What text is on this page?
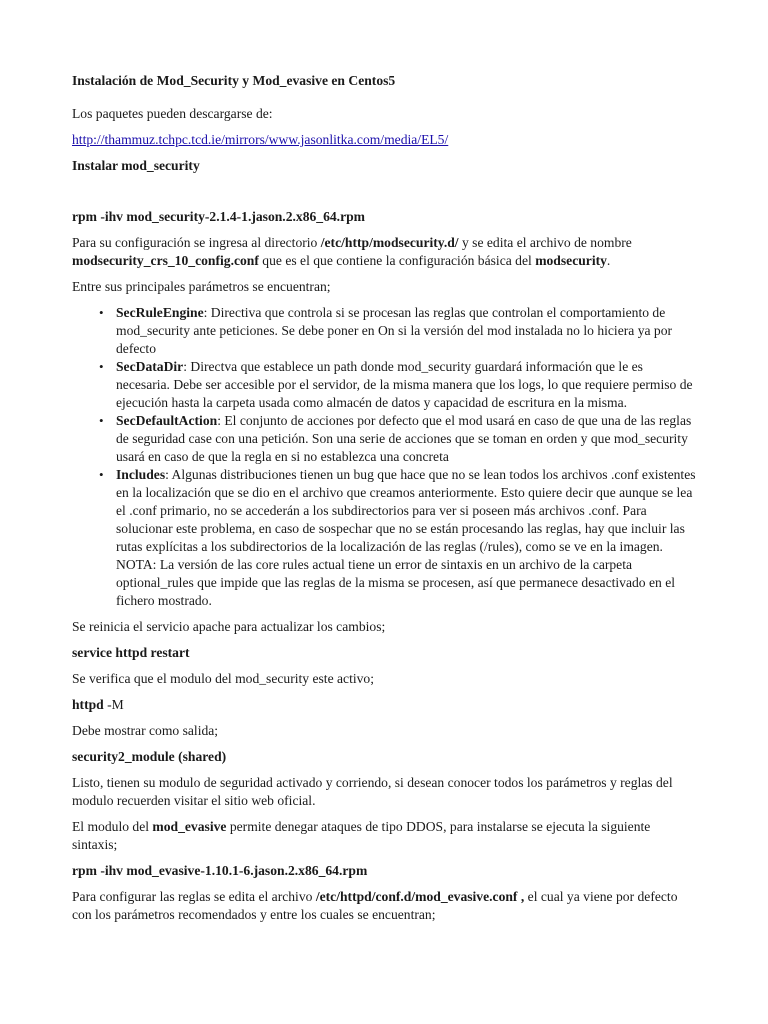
Instalación de Mod_Security y Mod_evasive en Centos5

Los paquetes pueden descargarse de:

http://thammuz.tchpc.tcd.ie/mirrors/www.jasonlitka.com/media/EL5/

Instalar mod_security

rpm -ihv mod_security-2.1.4-1.jason.2.x86_64.rpm

Para su configuración se ingresa al directorio /etc/http/modsecurity.d/ y se edita el archivo de nombre modsecurity_crs_10_config.conf que es el que contiene la configuración básica del modsecurity.

Entre sus principales parámetros se encuentran;

• SecRuleEngine: Directiva que controla si se procesan las reglas que controlan el comportamiento de mod_security ante peticiones. Se debe poner en On si la versión del mod instalada no lo hiciera ya por defecto
• SecDataDir: Directva que establece un path donde mod_security guardará información que le es necesaria. Debe ser accesible por el servidor, de la misma manera que los logs, lo que requiere permiso de ejecución hasta la carpeta usada como almacén de datos y capacidad de escritura en la misma.
• SecDefaultAction: El conjunto de acciones por defecto que el mod usará en caso de que una de las reglas de seguridad case con una petición. Son una serie de acciones que se toman en orden y que mod_security usará en caso de que la regla en si no establezca una concreta
• Includes: Algunas distribuciones tienen un bug que hace que no se lean todos los archivos .conf existentes en la localización que se dio en el archivo que creamos anteriormente. Esto quiere decir que aunque se lea el .conf primario, no se accederán a los subdirectorios para ver si poseen más archivos .conf. Para solucionar este problema, en caso de sospechar que no se están procesando las reglas, hay que incluir las rutas explícitas a los subdirectorios de la localización de las reglas (/rules), como se ve en la imagen. NOTA: La versión de las core rules actual tiene un error de sintaxis en un archivo de la carpeta optional_rules que impide que las reglas de la misma se procesen, así que permanece desactivado en el fichero mostrado.

Se reinicia el servicio apache para actualizar los cambios;

service httpd restart

Se verifica que el modulo del mod_security este activo;

httpd -M

Debe mostrar como salida;

security2_module (shared)

Listo, tienen su modulo de seguridad activado y corriendo, si desean conocer todos los parámetros y reglas del modulo recuerden visitar el sitio web oficial.

El modulo del mod_evasive permite denegar ataques de tipo DDOS, para instalarse se ejecuta la siguiente sintaxis;

rpm -ihv mod_evasive-1.10.1-6.jason.2.x86_64.rpm

Para configurar las reglas se edita el archivo /etc/httpd/conf.d/mod_evasive.conf , el cual ya viene por defecto con los parámetros recomendados y entre los cuales se encuentran;
